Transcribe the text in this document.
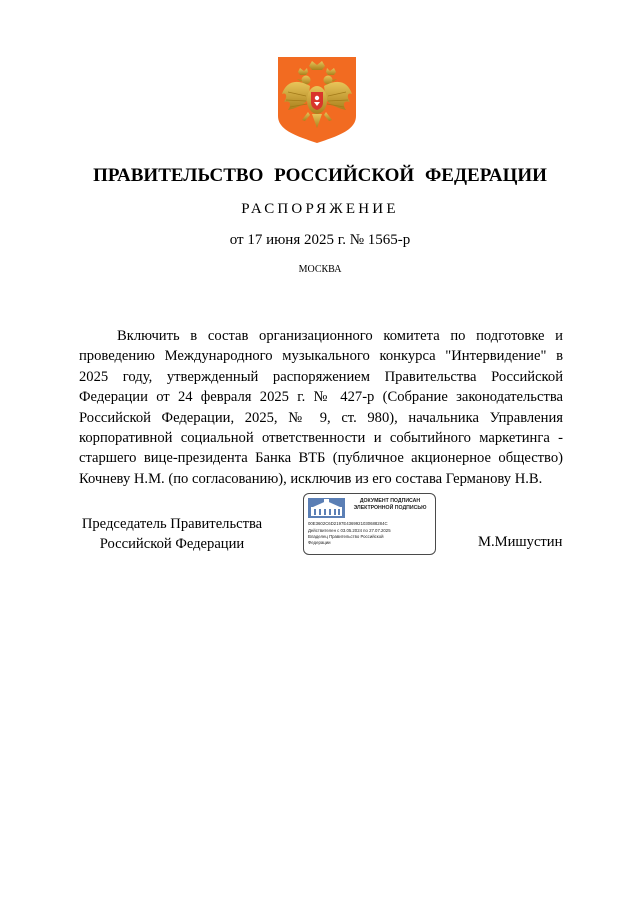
ПРАВИТЕЛЬСТВО РОССИЙСКОЙ ФЕДЕРАЦИИ
РАСПОРЯЖЕНИЕ
от 17 июня 2025 г. № 1565-р
МОСКВА

Включить в состав организационного комитета по подготовке и проведению Международного музыкального конкурса "Интервидение" в 2025 году, утвержденный распоряжением Правительства Российской Федерации от 24 февраля 2025 г. № 427-р (Собрание законодательства Российской Федерации, 2025, № 9, ст. 980), начальника Управления корпоративной социальной ответственности и событийного маркетинга - старшего вице-президента Банка ВТБ (публичное акционерное общество) Кочневу Н.М. (по согласованию), исключив из его состава Германову Н.В.

Председатель Правительства
Российской Федерации
ДОКУМЕНТ ПОДПИСАН
ЭЛЕКТРОННОЙ ПОДПИСЬЮ
00E3602C6D2197E4369921030688284C
Действителен с 03.05.2024 по 27.07.2025
Владелец Правительство Российской
Федерации	М.Мишустин
